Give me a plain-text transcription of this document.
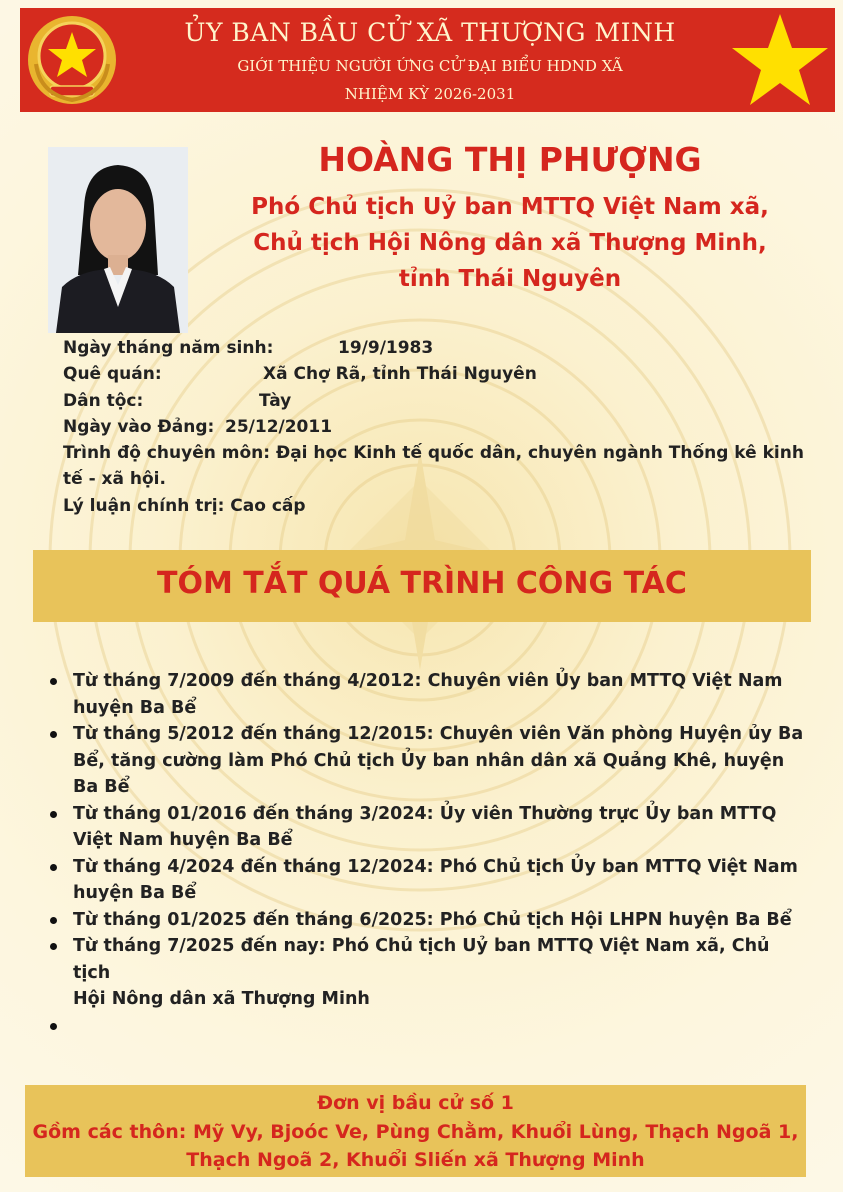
ỦY BAN BẦU CỬ XÃ THƯỢNG MINH
GIỚI THIỆU NGƯỜI ỨNG CỬ ĐẠI BIỂU HDND XÃ
NHIỆM KỲ 2026-2031
HOÀNG THỊ PHƯỢNG
Phó Chủ tịch Uỷ ban MTTQ Việt Nam xã,
Chủ tịch Hội Nông dân xã Thượng Minh,
tỉnh Thái Nguyên
Ngày tháng năm sinh:	19/9/1983
Quê quán:	Xã Chợ Rã, tỉnh Thái Nguyên
Dân tộc:	Tày
Ngày vào Đảng: 25/12/2011
Trình độ chuyên môn: Đại học Kinh tế quốc dân, chuyên ngành Thống kê kinh
tế - xã hội.
Lý luận chính trị: Cao cấp
TÓM TẮT QUÁ TRÌNH CÔNG TÁC
Từ tháng 7/2009 đến tháng 4/2012: Chuyên viên Ủy ban MTTQ Việt Nam
huyện Ba Bể
Từ tháng 5/2012 đến tháng 12/2015: Chuyên viên Văn phòng Huyện ủy Ba
Bể, tăng cường làm Phó Chủ tịch Ủy ban nhân dân xã Quảng Khê, huyện
Ba Bể
Từ tháng 01/2016 đến tháng 3/2024: Ủy viên Thường trực Ủy ban MTTQ
Việt Nam huyện Ba Bể
Từ tháng 4/2024 đến tháng 12/2024: Phó Chủ tịch Ủy ban MTTQ Việt Nam
huyện Ba Bể
Từ tháng 01/2025 đến tháng 6/2025: Phó Chủ tịch Hội LHPN huyện Ba Bể
Từ tháng 7/2025 đến nay: Phó Chủ tịch Uỷ ban MTTQ Việt Nam xã, Chủ tịch
Hội Nông dân xã Thượng Minh
Đơn vị bầu cử số 1
Gồm các thôn: Mỹ Vy, Bjoóc Ve, Pùng Chằm, Khuổi Lùng, Thạch Ngoã 1,
Thạch Ngoã 2, Khuổi Sliến xã Thượng Minh
